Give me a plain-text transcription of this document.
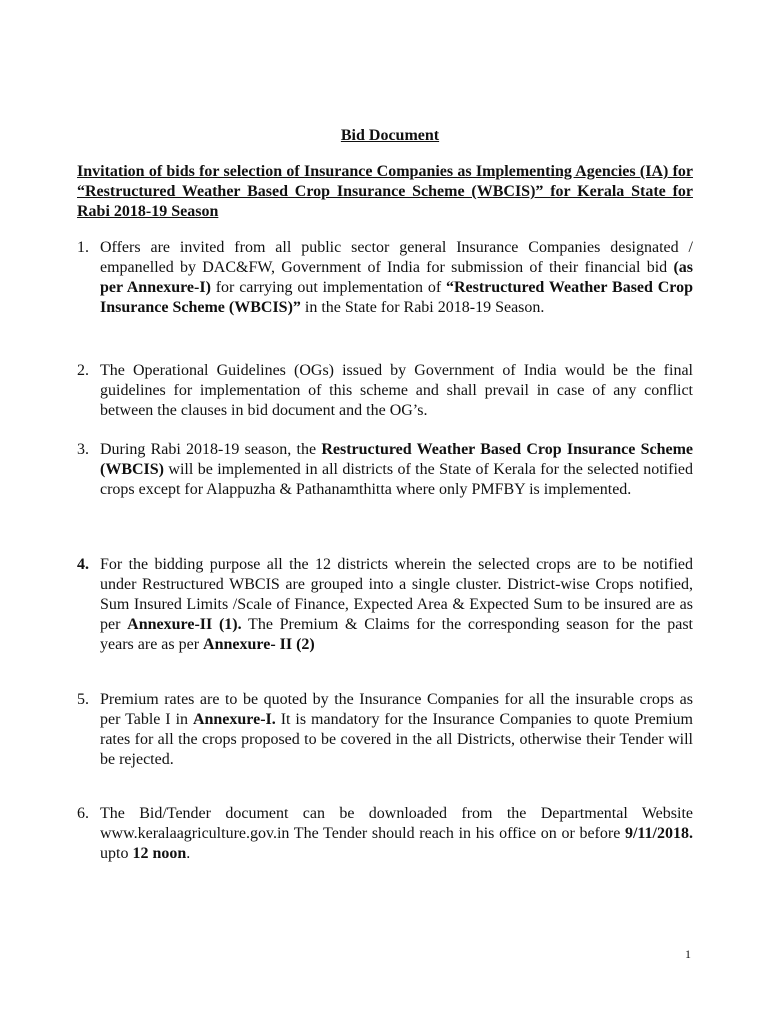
Bid Document
Invitation of bids for selection of Insurance Companies as Implementing Agencies (IA) for “Restructured Weather Based Crop Insurance Scheme (WBCIS)” for Kerala State for Rabi 2018-19 Season
1. Offers are invited from all public sector general Insurance Companies designated / empanelled by DAC&FW, Government of India for submission of their financial bid (as per Annexure-I) for carrying out implementation of “Restructured Weather Based Crop Insurance Scheme (WBCIS)” in the State for Rabi 2018-19 Season.
2. The Operational Guidelines (OGs) issued by Government of India would be the final guidelines for implementation of this scheme and shall prevail in case of any conflict between the clauses in bid document and the OG’s.
3. During Rabi 2018-19 season, the Restructured Weather Based Crop Insurance Scheme (WBCIS) will be implemented in all districts of the State of Kerala for the selected notified crops except for Alappuzha & Pathanamthitta where only PMFBY is implemented.
4. For the bidding purpose all the 12 districts wherein the selected crops are to be notified under Restructured WBCIS are grouped into a single cluster. District-wise Crops notified, Sum Insured Limits /Scale of Finance, Expected Area & Expected Sum to be insured are as per Annexure-II (1). The Premium & Claims for the corresponding season for the past years are as per Annexure- II (2)
5. Premium rates are to be quoted by the Insurance Companies for all the insurable crops as per Table I in Annexure-I. It is mandatory for the Insurance Companies to quote Premium rates for all the crops proposed to be covered in the all Districts, otherwise their Tender will be rejected.
6. The Bid/Tender document can be downloaded from the Departmental Website www.keralaagriculture.gov.in The Tender should reach in his office on or before 9/11/2018. upto 12 noon.
1
